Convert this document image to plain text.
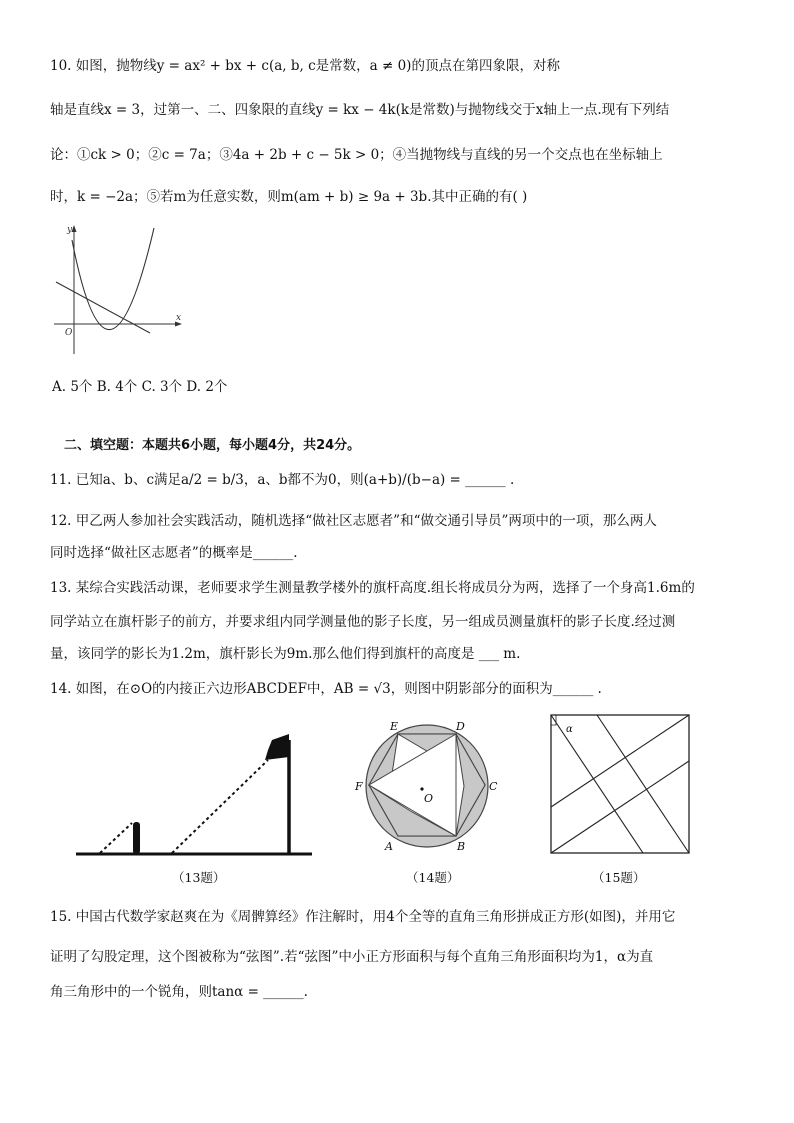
10. 如图，抛物线y = ax² + bx + c(a, b, c是常数，a ≠ 0)的顶点在第四象限，对称
轴是直线x = 3，过第一、二、四象限的直线y = kx − 4k(k是常数)与抛物线交于x轴上一点.现有下列结
论：①ck > 0；②c = 7a；③4a + 2b + c − 5k > 0；④当抛物线与直线的另一个交点也在坐标轴上
时，k = −2a；⑤若m为任意实数，则m(am + b) ≥ 9a + 3b.其中正确的有( )
y
x
O
A. 5个 B. 4个 C. 3个 D. 2个
二、填空题：本题共6小题，每小题4分，共24分。
11. 已知a、b、c满足a/2 = b/3，a、b都不为0，则(a+b)/(b−a) = ______ .
12. 甲乙两人参加社会实践活动，随机选择“做社区志愿者”和“做交通引导员”两项中的一项，那么两人
同时选择“做社区志愿者”的概率是______.
13. 某综合实践活动课，老师要求学生测量教学楼外的旗杆高度.组长将成员分为两，选择了一个身高1.6m的
同学站立在旗杆影子的前方，并要求组内同学测量他的影子长度，另一组成员测量旗杆的影子长度.经过测
量，该同学的影长为1.2m，旗杆影长为9m.那么他们得到旗杆的高度是 ___ m.
14. 如图，在⊙O的内接正六边形ABCDEF中，AB = √3，则图中阴影部分的面积为______ .
O
E	D
C
B
A
F
α
（13题）	（14题）	（15题）
15. 中国古代数学家赵爽在为《周髀算经》作注解时，用4个全等的直角三角形拼成正方形(如图)，并用它
证明了勾股定理，这个图被称为“弦图”.若“弦图”中小正方形面积与每个直角三角形面积均为1，α为直
角三角形中的一个锐角，则tanα = ______.
